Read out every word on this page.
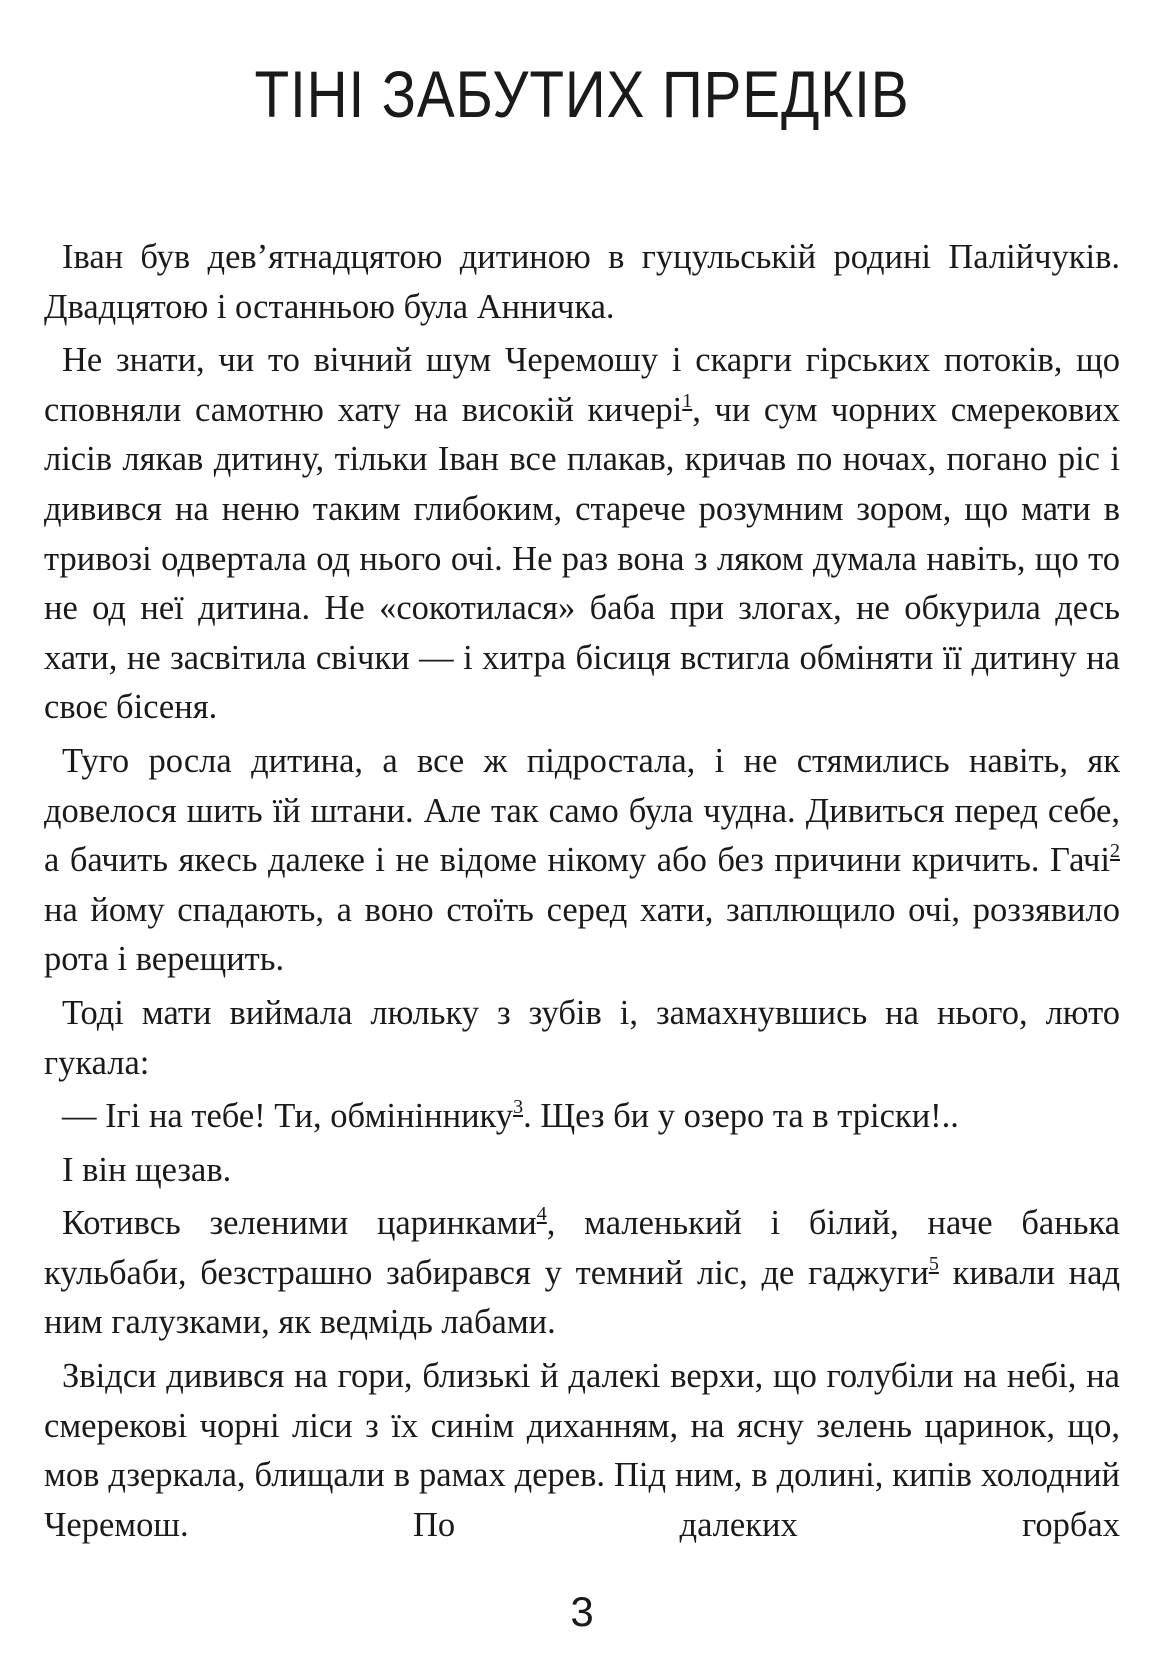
ТІНІ ЗАБУТИХ ПРЕДКІВ

Іван був дев’ятнадцятою дитиною в гуцульській родині Палійчуків. Двадцятою і останньою була Анничка.

Не знати, чи то вічний шум Черемошу і скарги гірських потоків, що сповняли самотню хату на високій кичері$^1$, чи сум чорних смерекових лісів лякав дитину, тільки Іван все плакав, кричав по ночах, погано ріс і дивився на неню таким глибоким, старече розумним зором, що мати в тривозі одвертала од нього очі. Не раз вона з ляком думала навіть, що то не од неї дитина. Не «сокотилася» баба при злогах, не обкурила десь хати, не засвітила свічки — і хитра бісиця встигла обміняти її дитину на своє бісеня.

Туго росла дитина, а все ж підростала, і не стямились навіть, як довелося шить їй штани. Але так само була чудна. Дивиться перед себе, а бачить якесь далеке і не відоме нікому або без причини кричить. Гачі$^2$ на йому спадають, а воно стоїть серед хати, заплющило очі, роззявило рота і верещить.

Тоді мати виймала люльку з зубів і, замахнувшись на нього, люто гукала:

— Ігі на тебе! Ти, обмініннику$^3$. Щез би у озеро та в тріски!..

І він щезав.

Котивсь зеленими царинками$^4$, маленький і білий, наче банька кульбаби, безстрашно забирався у темний ліс, де гаджуги$^5$ кивали над ним галузками, як ведмідь лабами.

Звідси дивився на гори, близькі й далекі верхи, що голубіли на небі, на смерекові чорні ліси з їх синім диханням, на ясну зелень царинок, що, мов дзеркала, блищали в рамах дерев. Під ним, в долині, кипів холодний Черемош. По далеких горбах

3
